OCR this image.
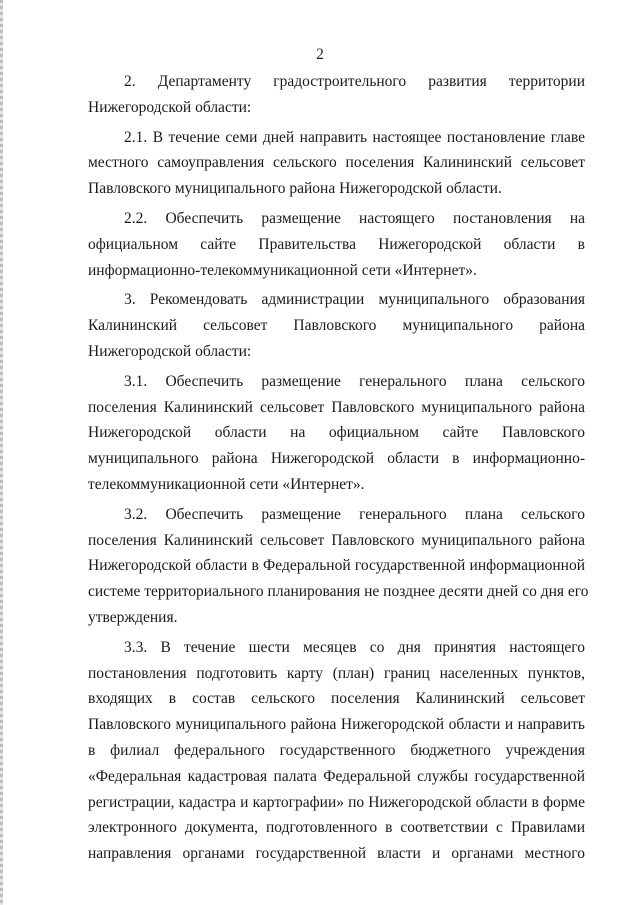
2

2. Департаменту градостроительного развития территории
Нижегородской области:

2.1. В течение семи дней направить настоящее постановление главе
местного самоуправления сельского поселения Калининский сельсовет
Павловского муниципального района Нижегородской области.

2.2. Обеспечить размещение настоящего постановления на
официальном сайте Правительства Нижегородской области в
информационно-телекоммуникационной сети «Интернет».

3. Рекомендовать администрации муниципального образования
Калининский сельсовет Павловского муниципального района
Нижегородской области:

3.1. Обеспечить размещение генерального плана сельского
поселения Калининский сельсовет Павловского муниципального района
Нижегородской области на официальном сайте Павловского
муниципального района Нижегородской области в информационно-
телекоммуникационной сети «Интернет».

3.2. Обеспечить размещение генерального плана сельского
поселения Калининский сельсовет Павловского муниципального района
Нижегородской области в Федеральной государственной информационной
системе территориального планирования не позднее десяти дней со дня его
утверждения.

3.3. В течение шести месяцев со дня принятия настоящего
постановления подготовить карту (план) границ населенных пунктов,
входящих в состав сельского поселения Калининский сельсовет
Павловского муниципального района Нижегородской области и направить
в филиал федерального государственного бюджетного учреждения
«Федеральная кадастровая палата Федеральной службы государственной
регистрации, кадастра и картографии» по Нижегородской области в форме
электронного документа, подготовленного в соответствии с Правилами
направления органами государственной власти и органами местного
